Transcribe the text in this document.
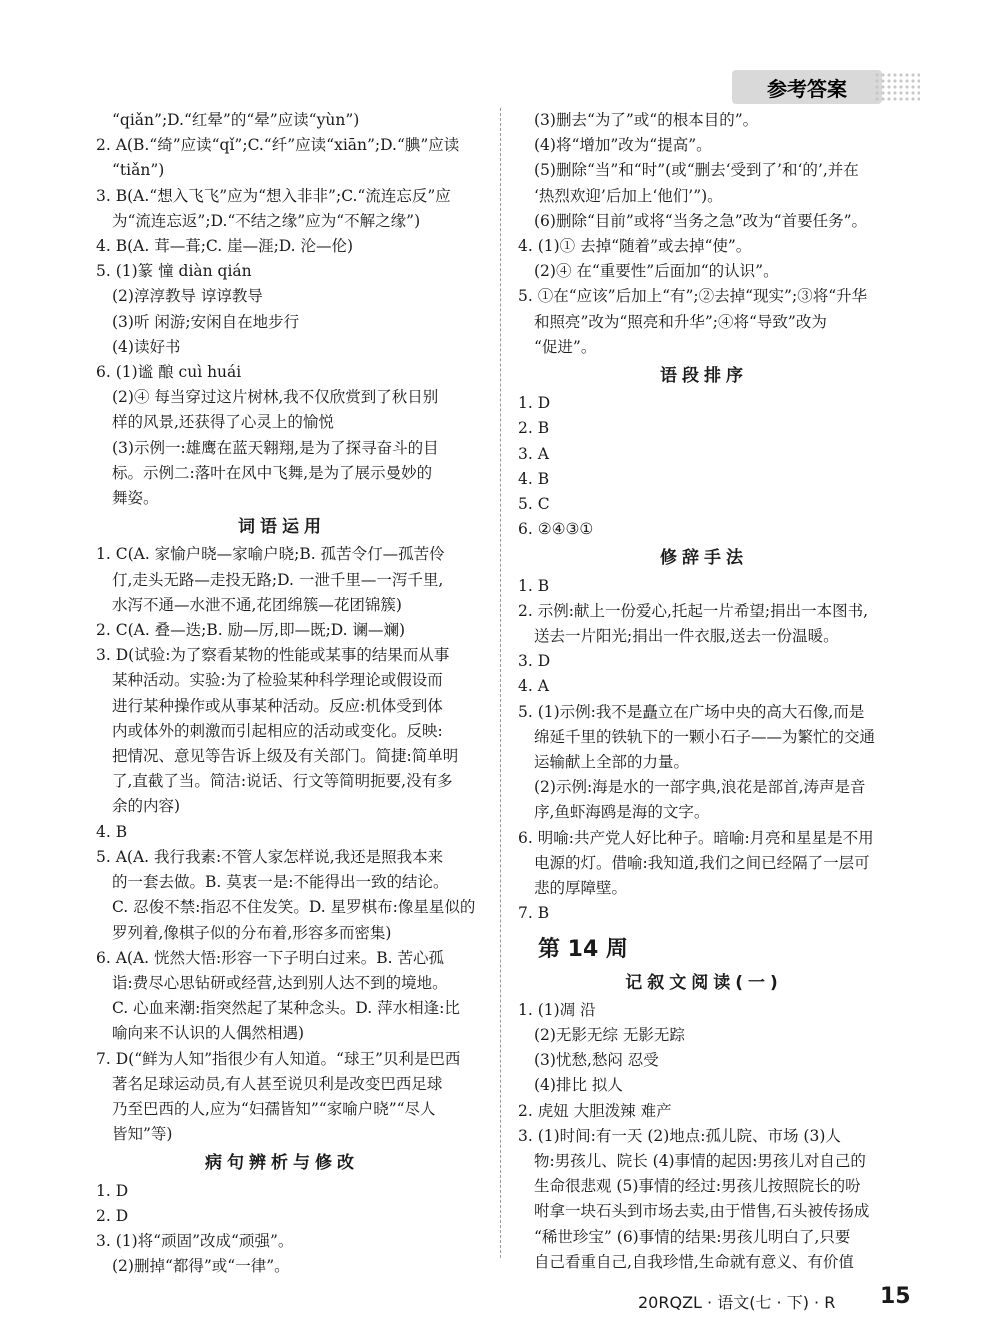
参考答案
“qiǎn”;D.“红晕”的“晕”应读“yùn”)
2. A(B.“绮”应读“qǐ”;C.“纤”应读“xiān”;D.“腆”应读
“tiǎn”)
3. B(A.“想入飞飞”应为“想入非非”;C.“流连忘反”应
为“流连忘返”;D.“不结之缘”应为“不解之缘”)
4. B(A. 茸—葺;C. 崖—涯;D. 沦—伦)
5. (1)篆 憧 diàn qián
(2)淳淳教导 谆谆教导
(3)听 闲游;安闲自在地步行
(4)读好书
6. (1)谧 酿 cuì huái
(2)④ 每当穿过这片树林,我不仅欣赏到了秋日别
样的风景,还获得了心灵上的愉悦
(3)示例一:雄鹰在蓝天翱翔,是为了探寻奋斗的目
标。示例二:落叶在风中飞舞,是为了展示曼妙的
舞姿。
词语运用
1. C(A. 家愉户晓—家喻户晓;B. 孤苦令仃—孤苦伶
仃,走头无路—走投无路;D. 一泄千里—一泻千里,
水泻不通—水泄不通,花团绵簇—花团锦簇)
2. C(A. 叠—迭;B. 励—厉,即—既;D. 谰—斓)
3. D(试验:为了察看某物的性能或某事的结果而从事
某种活动。实验:为了检验某种科学理论或假设而
进行某种操作或从事某种活动。反应:机体受到体
内或体外的刺激而引起相应的活动或变化。反映:
把情况、意见等告诉上级及有关部门。简捷:简单明
了,直截了当。简洁:说话、行文等简明扼要,没有多
余的内容)
4. B
5. A(A. 我行我素:不管人家怎样说,我还是照我本来
的一套去做。B. 莫衷一是:不能得出一致的结论。
C. 忍俊不禁:指忍不住发笑。D. 星罗棋布:像星星似的
罗列着,像棋子似的分布着,形容多而密集)
6. A(A. 恍然大悟:形容一下子明白过来。B. 苦心孤
诣:费尽心思钻研或经营,达到别人达不到的境地。
C. 心血来潮:指突然起了某种念头。D. 萍水相逢:比
喻向来不认识的人偶然相遇)
7. D(“鲜为人知”指很少有人知道。“球王”贝利是巴西
著名足球运动员,有人甚至说贝利是改变巴西足球
乃至巴西的人,应为“妇孺皆知”“家喻户晓”“尽人
皆知”等)
病句辨析与修改
1. D
2. D
3. (1)将“顽固”改成“顽强”。
(2)删掉“都得”或“一律”。
(3)删去“为了”或“的根本目的”。
(4)将“增加”改为“提高”。
(5)删除“当”和“时”(或“删去‘受到了’和‘的’,并在
‘热烈欢迎’后加上‘他们’”)。
(6)删除“目前”或将“当务之急”改为“首要任务”。
4. (1)① 去掉“随着”或去掉“使”。
(2)④ 在“重要性”后面加“的认识”。
5. ①在“应该”后加上“有”;②去掉“现实”;③将“升华
和照亮”改为“照亮和升华”;④将“导致”改为
“促进”。
语段排序
1. D
2. B
3. A
4. B
5. C
6. ②④③①
修辞手法
1. B
2. 示例:献上一份爱心,托起一片希望;捐出一本图书,
送去一片阳光;捐出一件衣服,送去一份温暖。
3. D
4. A
5. (1)示例:我不是矗立在广场中央的高大石像,而是
绵延千里的铁轨下的一颗小石子——为繁忙的交通
运输献上全部的力量。
(2)示例:海是水的一部字典,浪花是部首,涛声是音
序,鱼虾海鸥是海的文字。
6. 明喻:共产党人好比种子。暗喻:月亮和星星是不用
电源的灯。借喻:我知道,我们之间已经隔了一层可
悲的厚障壁。
7. B
第 14 周
记叙文阅读(一)
1. (1)凋 沿
(2)无影无综 无影无踪
(3)忧愁,愁闷 忍受
(4)排比 拟人
2. 虎妞 大胆泼辣 难产
3. (1)时间:有一天 (2)地点:孤儿院、市场 (3)人
物:男孩儿、院长 (4)事情的起因:男孩儿对自己的
生命很悲观 (5)事情的经过:男孩儿按照院长的吩
咐拿一块石头到市场去卖,由于惜售,石头被传扬成
“稀世珍宝” (6)事情的结果:男孩儿明白了,只要
自己看重自己,自我珍惜,生命就有意义、有价值
20RQZL · 语文(七 · 下) · R 15
